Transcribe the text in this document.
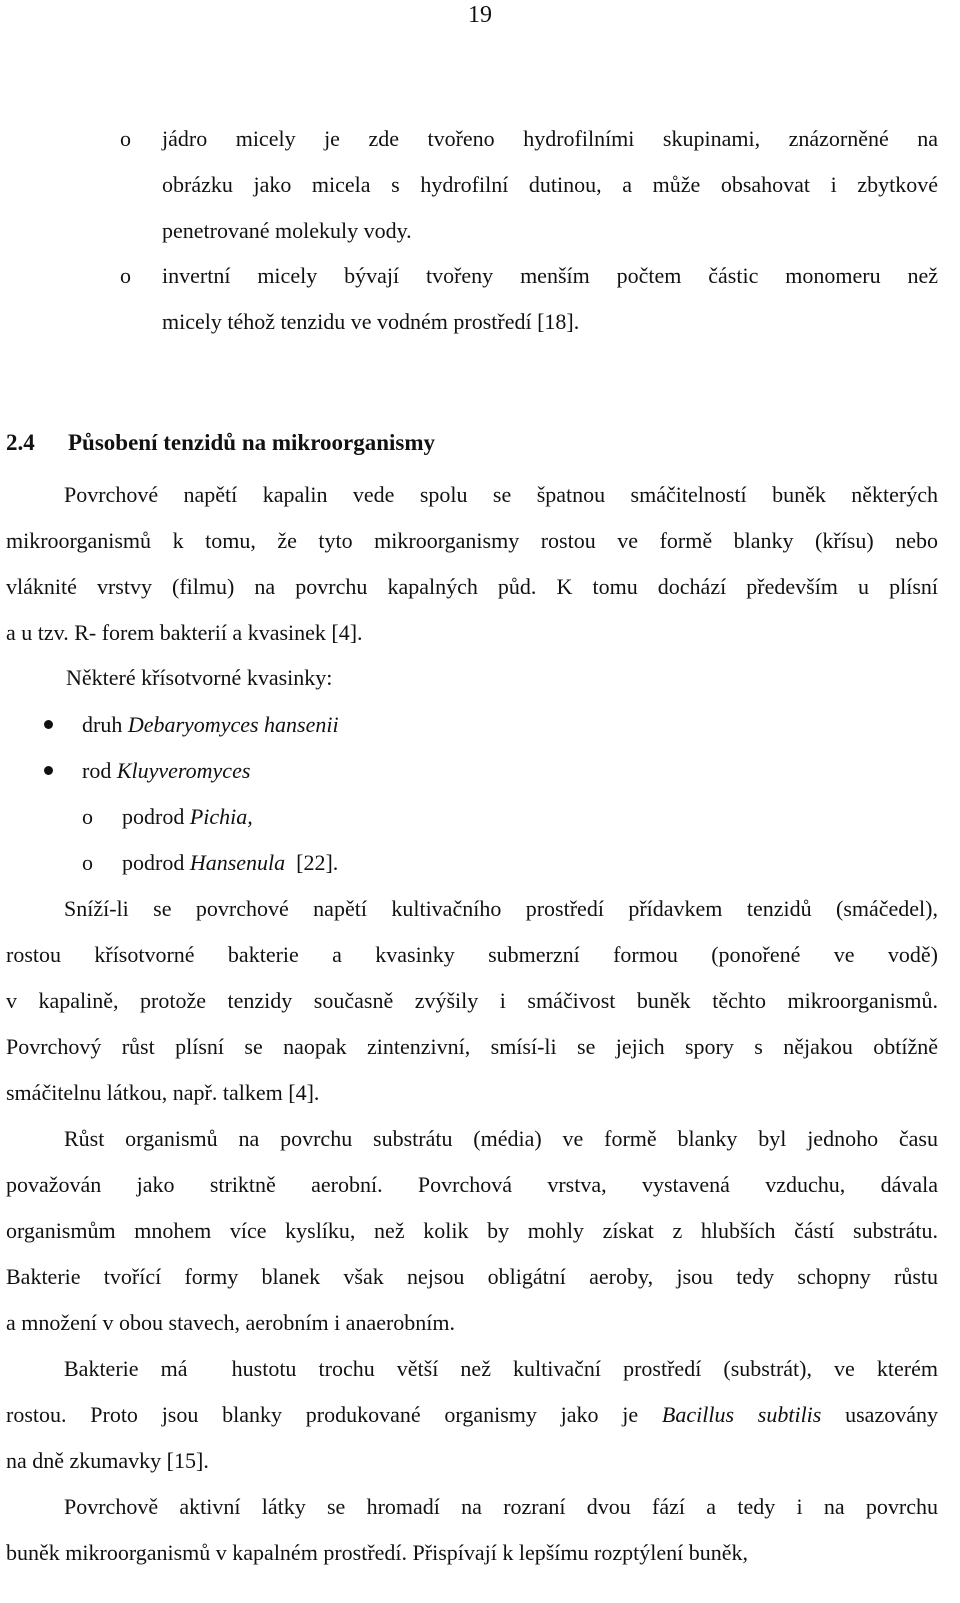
19
o	jádro micely je zde tvořeno hydrofilními skupinami, znázorněné na
obrázku jako micela s hydrofilní dutinou, a může obsahovat i zbytkové
penetrované molekuly vody.
o	invertní micely bývají tvořeny menším počtem částic monomeru než
micely téhož tenzidu ve vodném prostředí [18].
2.4 Působení tenzidů na mikroorganismy
Povrchové napětí kapalin vede spolu se špatnou smáčitelností buněk některých
mikroorganismů k tomu, že tyto mikroorganismy rostou ve formě blanky (křísu) nebo
vláknité vrstvy (filmu) na povrchu kapalných půd. K tomu dochází především u plísní
a u tzv. R- forem bakterií a kvasinek [4].
Některé křísotvorné kvasinky:
druh Debaryomyces hansenii
rod Kluyveromyces
o	podrod Pichia,
o	podrod Hansenula  [22].
Sníží-li se povrchové napětí kultivačního prostředí přídavkem tenzidů (smáčedel),
rostou křísotvorné bakterie a kvasinky submerzní formou (ponořené ve vodě)
v kapalině, protože tenzidy současně zvýšily i smáčivost buněk těchto mikroorganismů.
Povrchový růst plísní se naopak zintenzivní, smísí-li se jejich spory s nějakou obtížně
smáčitelnu látkou, např. talkem [4].
Růst organismů na povrchu substrátu (média) ve formě blanky byl jednoho času
považován jako striktně aerobní. Povrchová vrstva, vystavená vzduchu, dávala
organismům mnohem více kyslíku, než kolik by mohly získat z hlubších částí substrátu.
Bakterie tvořící formy blanek však nejsou obligátní aeroby, jsou tedy schopny růstu
a množení v obou stavech, aerobním i anaerobním.
Bakterie má  hustotu trochu větší než kultivační prostředí (substrát), ve kterém
rostou. Proto jsou blanky produkované organismy jako je Bacillus subtilis usazovány
na dně zkumavky [15].
Povrchově aktivní látky se hromadí na rozraní dvou fází a tedy i na povrchu
buněk mikroorganismů v kapalném prostředí. Přispívají k lepšímu rozptýlení buněk,
